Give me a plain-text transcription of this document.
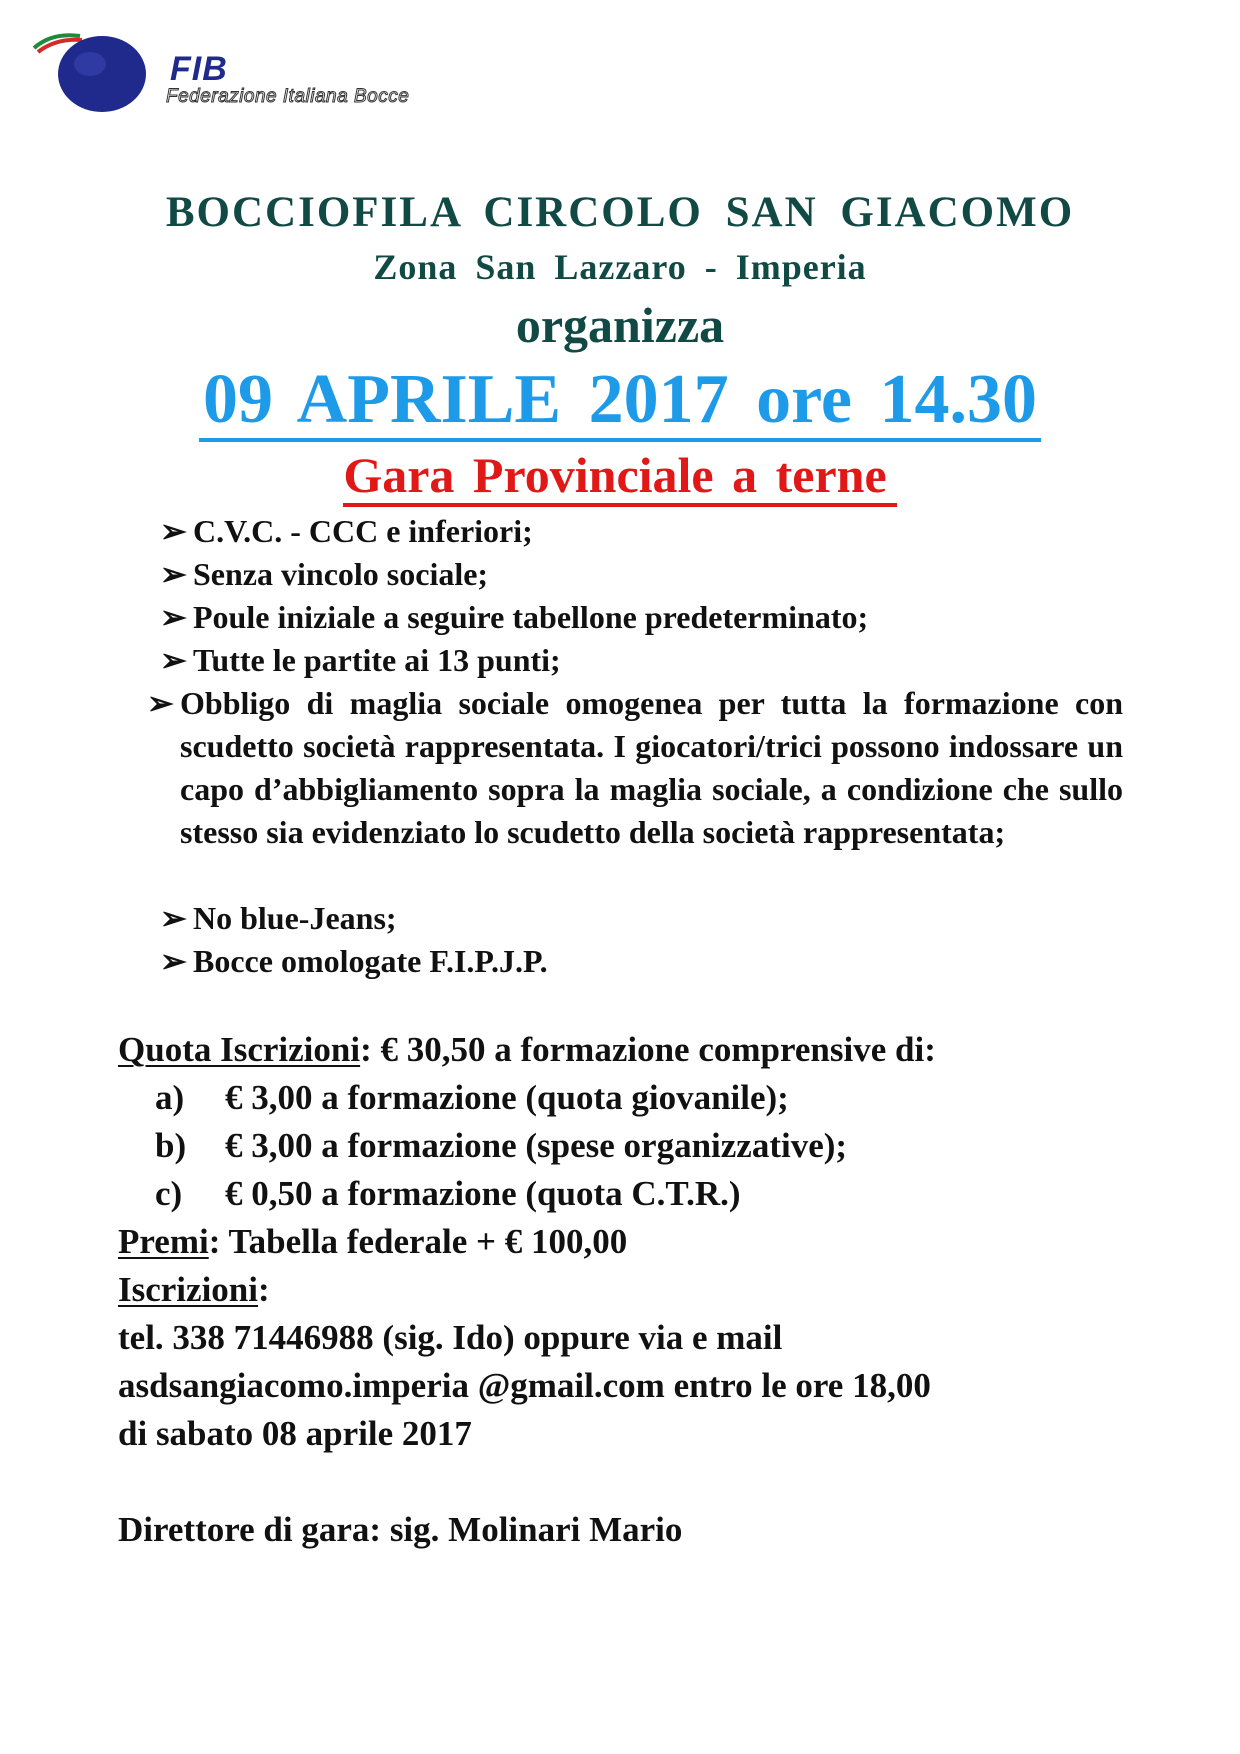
FIB
Federazione Italiana Bocce
BOCCIOFILA CIRCOLO SAN GIACOMO
Zona San Lazzaro - Imperia
organizza
09 APRILE 2017 ore 14.30
Gara Provinciale a terne
➢ C.V.C. - CCC e inferiori;
➢ Senza vincolo sociale;
➢ Poule iniziale a seguire tabellone predeterminato;
➢ Tutte le partite ai 13 punti;
➢ Obbligo di maglia sociale omogenea per tutta la formazione con scudetto società rappresentata. I giocatori/trici possono indossare un capo d’abbigliamento sopra la maglia sociale, a condizione che sullo stesso sia evidenziato lo scudetto della società rappresentata;
➢ No blue-Jeans;
➢ Bocce omologate F.I.P.J.P.
Quota Iscrizioni: € 30,50 a formazione comprensive di:
a) € 3,00 a formazione (quota giovanile);
b) € 3,00 a formazione (spese organizzative);
c) € 0,50 a formazione (quota C.T.R.)
Premi: Tabella federale + € 100,00
Iscrizioni:
tel. 338 71446988 (sig. Ido) oppure via e mail
asdsangiacomo.imperia @gmail.com entro le ore 18,00
di sabato 08 aprile 2017
Direttore di gara: sig. Molinari Mario
